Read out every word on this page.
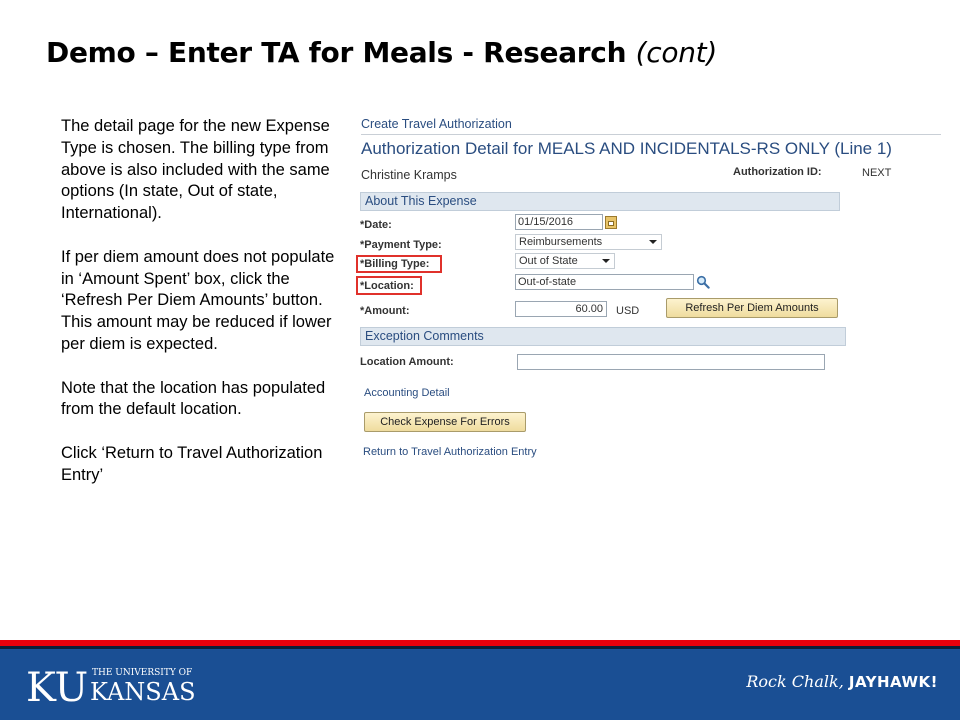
Demo – Enter TA for Meals - Research (cont)

The detail page for the new Expense Type is chosen. The billing type from above is also included with the same options (In state, Out of state, International).

If per diem amount does not populate in ‘Amount Spent’ box, click the ‘Refresh Per Diem Amounts’ button. This amount may be reduced if lower per diem is expected.

Note that the location has populated from the default location.

Click ‘Return to Travel Authorization Entry’

Create Travel Authorization
Authorization Detail for MEALS AND INCIDENTALS-RS ONLY (Line 1)
Christine Kramps	Authorization ID:	NEXT
About This Expense
*Date:	01/15/2016
*Payment Type:	Reimbursements
*Billing Type:	Out of State
*Location:	Out-of-state
*Amount:	60.00	USD	Refresh Per Diem Amounts
Exception Comments
Location Amount:
Accounting Detail
Check Expense For Errors
Return to Travel Authorization Entry
KU THE UNIVERSITY OF
KANSAS	Rock Chalk, JAYHAWK!
